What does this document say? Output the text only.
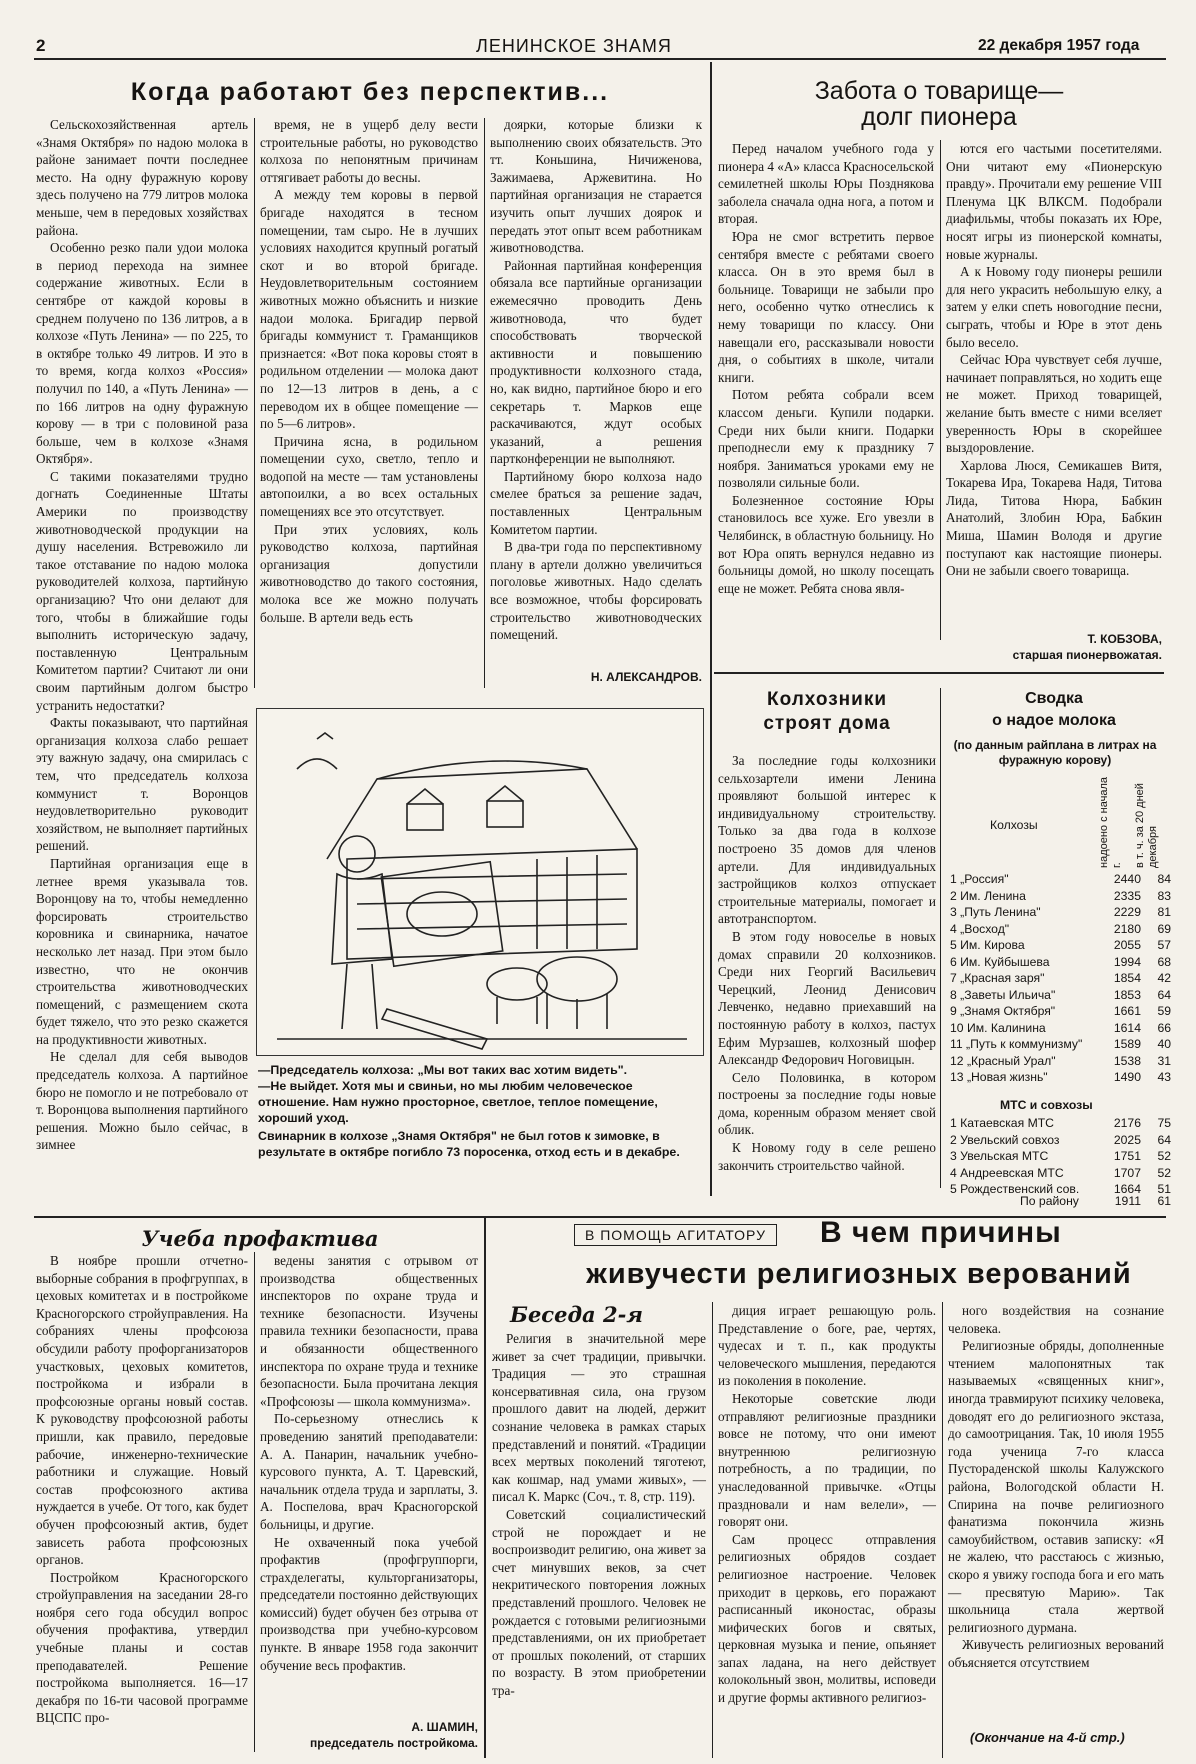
2	ЛЕНИНСКОЕ ЗНАМЯ	22 декабря 1957 года
Когда работают без перспектив...

Сельскохозяйственная артель «Знамя Октября» по надою молока в районе занимает почти последнее место. На одну фуражную корову здесь получено на 779 литров молока меньше, чем в передовых хозяйствах района.

Особенно резко пали удои молока в период перехода на зимнее содержание животных. Если в сентябре от каждой коровы в среднем получено по 136 литров, а в колхозе «Путь Ленина» — по 225, то в октябре только 49 литров. И это в то время, когда колхоз «Россия» получил по 140, а «Путь Ленина» — по 166 литров на одну фуражную корову — в три с половиной раза больше, чем в колхозе «Знамя Октября».

С такими показателями трудно догнать Соединенные Штаты Америки по производству животноводческой продукции на душу населения. Встревожило ли такое отставание по надою молока руководителей колхоза, партийную организацию? Что они делают для того, чтобы в ближайшие годы выполнить историческую задачу, поставленную Центральным Комитетом партии? Считают ли они своим партийным долгом быстро устранить недостатки?

Факты показывают, что партийная организация колхоза слабо решает эту важную задачу, она смирилась с тем, что председатель колхоза коммунист т. Воронцов неудовлетворительно руководит хозяйством, не выполняет партийных решений.

Партийная организация еще в летнее время указывала тов. Воронцову на то, чтобы немедленно форсировать строительство коровника и свинарника, начатое несколько лет назад. При этом было известно, что не окончив строительства животноводческих помещений, с размещением скота будет тяжело, что это резко скажется на продуктивности животных.

Не сделал для себя выводов председатель колхоза. А партийное бюро не помогло и не потребовало от т. Воронцова выполнения партийного решения. Можно было сейчас, в зимнее

время, не в ущерб делу вести строительные работы, но руководство колхоза по непонятным причинам оттягивает работы до весны.

А между тем коровы в первой бригаде находятся в тесном помещении, там сыро. Не в лучших условиях находится крупный рогатый скот и во второй бригаде. Неудовлетворительным состоянием животных можно объяснить и низкие надои молока. Бригадир первой бригады коммунист т. Граманщиков признается: «Вот пока коровы стоят в родильном отделении — молока дают по 12—13 литров в день, а с переводом их в общее помещение — по 5—6 литров».

Причина ясна, в родильном помещении сухо, светло, тепло и водопой на месте — там установлены автопоилки, а во всех остальных помещениях все это отсутствует.

При этих условиях, коль руководство колхоза, партийная организация допустили животноводство до такого состояния, молока все же можно получать больше. В артели ведь есть

доярки, которые близки к выполнению своих обязательств. Это тт. Коньшина, Ничиженова, Зажимаева, Аржевитина. Но партийная организация не старается изучить опыт лучших доярок и передать этот опыт всем работникам животноводства.

Районная партийная конференция обязала все партийные организации ежемесячно проводить День животновода, что будет способствовать творческой активности и повышению продуктивности колхозного стада, но, как видно, партийное бюро и его секретарь т. Марков еще раскачиваются, ждут особых указаний, а решения партконференции не выполняют.

Партийному бюро колхоза надо смелее браться за решение задач, поставленных Центральным Комитетом партии.

В два-три года по перспективному плану в артели должно увеличиться поголовье животных. Надо сделать все возможное, чтобы форсировать строительство животноводческих помещений.

Н. АЛЕКСАНДРОВ.
—Председатель колхоза: „Мы вот таких вас хотим видеть".
—Не выйдет. Хотя мы и свиньи, но мы любим человеческое отношение. Нам нужно просторное, светлое, теплое помещение, хороший уход.
Свинарник в колхозе „Знамя Октября" не был готов к зимовке, в результате в октябре погибло 73 поросенка, отход есть и в декабре.
Забота о товарище—
долг пионера

Перед началом учебного года у пионера 4 «А» класса Красносельской семилетней школы Юры Позднякова заболела сначала одна нога, а потом и вторая.

Юра не смог встретить первое сентября вместе с ребятами своего класса. Он в это время был в больнице. Товарищи не забыли про него, особенно чутко отнеслись к нему товарищи по классу. Они навещали его, рассказывали новости дня, о событиях в школе, читали книги.

Потом ребята собрали всем классом деньги. Купили подарки. Среди них были книги. Подарки преподнесли ему к празднику 7 ноября. Заниматься уроками ему не позволяли сильные боли.

Болезненное состояние Юры становилось все хуже. Его увезли в Челябинск, в областную больницу. Но вот Юра опять вернулся недавно из больницы домой, но школу посещать еще не может. Ребята снова явля-

ются его частыми посетителями. Они читают ему «Пионерскую правду». Прочитали ему решение VIII Пленума ЦК ВЛКСМ. Подобрали диафильмы, чтобы показать их Юре, носят игры из пионерской комнаты, новые журналы.

А к Новому году пионеры решили для него украсить небольшую елку, а затем у елки спеть новогодние песни, сыграть, чтобы и Юре в этот день было весело.

Сейчас Юра чувствует себя лучше, начинает поправляться, но ходить еще не может. Приход товарищей, желание быть вместе с ними вселяет уверенность Юры в скорейшее выздоровление.

Харлова Люся, Семикашев Витя, Токарева Ира, Токарева Надя, Титова Лида, Титова Нюра, Бабкин Анатолий, Злобин Юра, Бабкин Миша, Шамин Володя и другие поступают как настоящие пионеры. Они не забыли своего товарища.

Т. КОБЗОВА,
старшая пионервожатая.
Колхозники
строят дома

За последние годы колхозники сельхозартели имени Ленина проявляют большой интерес к индивидуальному строительству. Только за два года в колхозе построено 35 домов для членов артели. Для индивидуальных застройщиков колхоз отпускает строительные материалы, помогает и автотранспортом.

В этом году новоселье в новых домах справили 20 колхозников. Среди них Георгий Васильевич Черецкий, Леонид Денисович Левченко, недавно приехавший на постоянную работу в колхоз, пастух Ефим Мурзашев, колхозный шофер Александр Федорович Ноговицын.

Село Половинка, в котором построены за последние годы новые дома, коренным образом меняет свой облик.

К Новому году в селе решено закончить строительство чайной.

Сводка
о надое молока
(по данным райплана в литрах на фуражную корову)
Колхозы	надоено с начала г.	в т. ч. за 20 дней декабря
1 „Россия"	2440	84
2 Им. Ленина	2335	83
3 „Путь Ленина"	2229	81
4 „Восход"	2180	69
5 Им. Кирова	2055	57
6 Им. Куйбышева	1994	68
7 „Красная заря"	1854	42
8 „Заветы Ильича"	1853	64
9 „Знамя Октября"	1661	59
10 Им. Калинина	1614	66
11 „Путь к коммунизму"	1589	40
12 „Красный Урал"	1538	31
13 „Новая жизнь"	1490	43
МТС и совхозы
1 Катаевская МТС	2176	75
2 Увельский совхоз	2025	64
3 Увельская МТС	1751	52
4 Андреевская МТС	1707	52
5 Рождественский сов.	1664	51
По району	1911	61
Учеба профактива

В ноябре прошли отчетно-выборные собрания в профгруппах, в цеховых комитетах и в постройкоме Красногорского стройуправления. На собраниях члены профсоюза обсудили работу профорганизаторов участковых, цеховых комитетов, постройкома и избрали в профсоюзные органы новый состав. К руководству профсоюзной работы пришли, как правило, передовые рабочие, инженерно-технические работники и служащие. Новый состав профсоюзного актива нуждается в учебе. От того, как будет обучен профсоюзный актив, будет зависеть работа профсоюзных органов.

Постройком Красногорского стройуправления на заседании 28-го ноября сего года обсудил вопрос обучения профактива, утвердил учебные планы и состав преподавателей. Решение постройкома выполняется. 16—17 декабря по 16-ти часовой программе ВЦСПС про-

ведены занятия с отрывом от производства общественных инспекторов по охране труда и технике безопасности. Изучены правила техники безопасности, права и обязанности общественного инспектора по охране труда и технике безопасности. Была прочитана лекция «Профсоюзы — школа коммунизма».

По-серьезному отнеслись к проведению занятий преподаватели: А. А. Панарин, начальник учебно-курсового пункта, А. Т. Царевский, начальник отдела труда и зарплаты, З. А. Поспелова, врач Красногорской больницы, и другие.

Не охваченный пока учебой профактив (профгруппорги, страхделегаты, культорганизаторы, председатели постоянно действующих комиссий) будет обучен без отрыва от производства при учебно-курсовом пункте. В январе 1958 года закончит обучение весь профактив.

А. ШАМИН,
председатель постройкома.
В ПОМОЩЬ АГИТАТОРУ	В чем причины
живучести религиозных верований
Беседа 2-я

Религия в значительной мере живет за счет традиции, привычки. Традиция — это страшная консервативная сила, она грузом прошлого давит на людей, держит сознание человека в рамках старых представлений и понятий. «Традиции всех мертвых поколений тяготеют, как кошмар, над умами живых», — писал К. Маркс (Соч., т. 8, стр. 119).

Советский социалистический строй не порождает и не воспроизводит религию, она живет за счет минувших веков, за счет некритического повторения ложных представлений прошлого. Человек не рождается с готовыми религиозными представлениями, он их приобретает от прошлых поколений, от старших по возрасту. В этом приобретении тра-

диция играет решающую роль. Представление о боге, рае, чертях, чудесах и т. п., как продукты человеческого мышления, передаются из поколения в поколение.

Некоторые советские люди отправляют религиозные праздники вовсе не потому, что они имеют внутреннюю религиозную потребность, а по традиции, по унаследованной привычке. «Отцы праздновали и нам велели», — говорят они.

Сам процесс отправления религиозных обрядов создает религиозное настроение. Человек приходит в церковь, его поражают расписанный иконостас, образы мифических богов и святых, церковная музыка и пение, опьяняет запах ладана, на него действует колокольный звон, молитвы, исповеди и другие формы активного религиоз-

ного воздействия на сознание человека.

Религиозные обряды, дополненные чтением малопонятных так называемых «священных книг», иногда травмируют психику человека, доводят его до религиозного экстаза, до самоотрицания. Так, 10 июля 1955 года ученица 7-го класса Пустораденской школы Калужского района, Вологодской области Н. Спирина на почве религиозного фанатизма покончила жизнь самоубийством, оставив записку: «Я не жалею, что расстаюсь с жизнью, скоро я увижу господа бога и его мать — пресвятую Марию». Так школьница стала жертвой религиозного дурмана.

Живучесть религиозных верований объясняется отсутствием

(Окончание на 4-й стр.)
